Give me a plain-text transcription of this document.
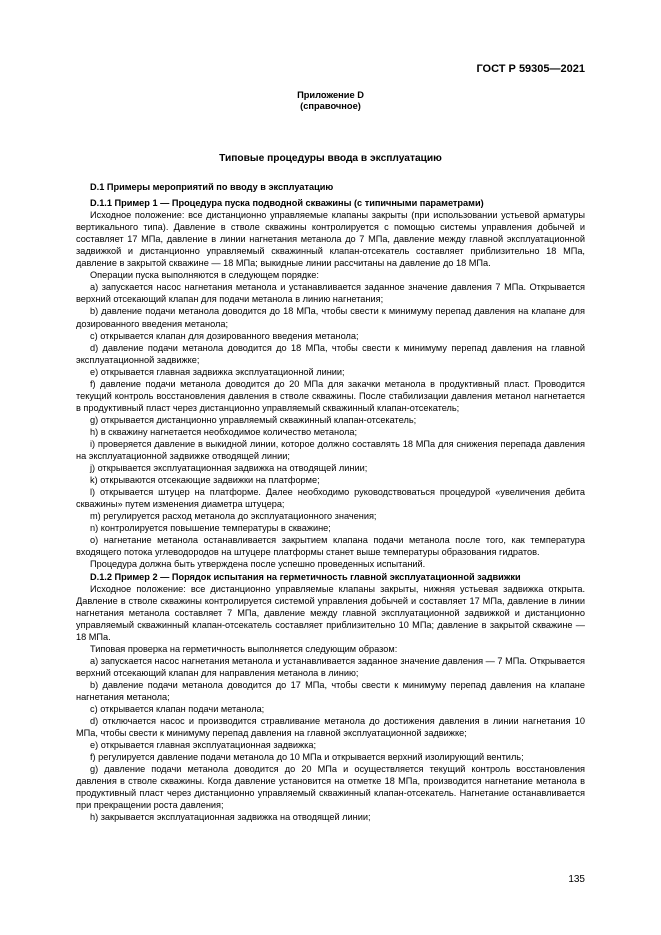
ГОСТ Р 59305—2021
Приложение D
(справочное)
Типовые процедуры ввода в эксплуатацию

D.1 Примеры мероприятий по вводу в эксплуатацию

D.1.1 Пример 1 — Процедура пуска подводной скважины (с типичными параметрами)

Исходное положение: все дистанционно управляемые клапаны закрыты (при использовании устьевой арматуры вертикального типа). Давление в стволе скважины контролируется с помощью системы управления добычей и составляет 17 МПа, давление в линии нагнетания метанола до 7 МПа, давление между главной эксплуатационной задвижкой и дистанционно управляемый скважинный клапан-отсекатель составляет приблизительно 18 МПа, давление в закрытой скважине — 18 МПа; выкидные линии рассчитаны на давление до 18 МПа.

Операции пуска выполняются в следующем порядке:

a) запускается насос нагнетания метанола и устанавливается заданное значение давления 7 МПа. Открывается верхний отсекающий клапан для подачи метанола в линию нагнетания;

b) давление подачи метанола доводится до 18 МПа, чтобы свести к минимуму перепад давления на клапане для дозированного введения метанола;

c) открывается клапан для дозированного введения метанола;

d) давление подачи метанола доводится до 18 МПа, чтобы свести к минимуму перепад давления на главной эксплуатационной задвижке;

e) открывается главная задвижка эксплуатационной линии;

f) давление подачи метанола доводится до 20 МПа для закачки метанола в продуктивный пласт. Проводится текущий контроль восстановления давления в стволе скважины. После стабилизации давления метанол нагнетается в продуктивный пласт через дистанционно управляемый скважинный клапан-отсекатель;

g) открывается дистанционно управляемый скважинный клапан-отсекатель;

h) в скважину нагнетается необходимое количество метанола;

i) проверяется давление в выкидной линии, которое должно составлять 18 МПа для снижения перепада давления на эксплуатационной задвижке отводящей линии;

j) открывается эксплуатационная задвижка на отводящей линии;

k) открываются отсекающие задвижки на платформе;

l) открывается штуцер на платформе. Далее необходимо руководствоваться процедурой «увеличения дебита скважины» путем изменения диаметра штуцера;

m) регулируется расход метанола до эксплуатационного значения;

n) контролируется повышение температуры в скважине;

o) нагнетание метанола останавливается закрытием клапана подачи метанола после того, как температура входящего потока углеводородов на штуцере платформы станет выше температуры образования гидратов.

Процедура должна быть утверждена после успешно проведенных испытаний.

D.1.2 Пример 2 — Порядок испытания на герметичность главной эксплуатационной задвижки

Исходное положение: все дистанционно управляемые клапаны закрыты, нижняя устьевая задвижка открыта. Давление в стволе скважины контролируется системой управления добычей и составляет 17 МПа, давление в линии нагнетания метанола составляет 7 МПа, давление между главной эксплуатационной задвижкой и дистанционно управляемый скважинный клапан-отсекатель составляет приблизительно 10 МПа; давление в закрытой скважине — 18 МПа.

Типовая проверка на герметичность выполняется следующим образом:

a) запускается насос нагнетания метанола и устанавливается заданное значение давления — 7 МПа. Открывается верхний отсекающий клапан для направления метанола в линию;

b) давление подачи метанола доводится до 17 МПа, чтобы свести к минимуму перепад давления на клапане нагнетания метанола;

c) открывается клапан подачи метанола;

d) отключается насос и производится стравливание метанола до достижения давления в линии нагнетания 10 МПа, чтобы свести к минимуму перепад давления на главной эксплуатационной задвижке;

e) открывается главная эксплуатационная задвижка;

f) регулируется давление подачи метанола до 10 МПа и открывается верхний изолирующий вентиль;

g) давление подачи метанола доводится до 20 МПа и осуществляется текущий контроль восстановления давления в стволе скважины. Когда давление установится на отметке 18 МПа, производится нагнетание метанола в продуктивный пласт через дистанционно управляемый скважинный клапан-отсекатель. Нагнетание останавливается при прекращении роста давления;

h) закрывается эксплуатационная задвижка на отводящей линии;

135
